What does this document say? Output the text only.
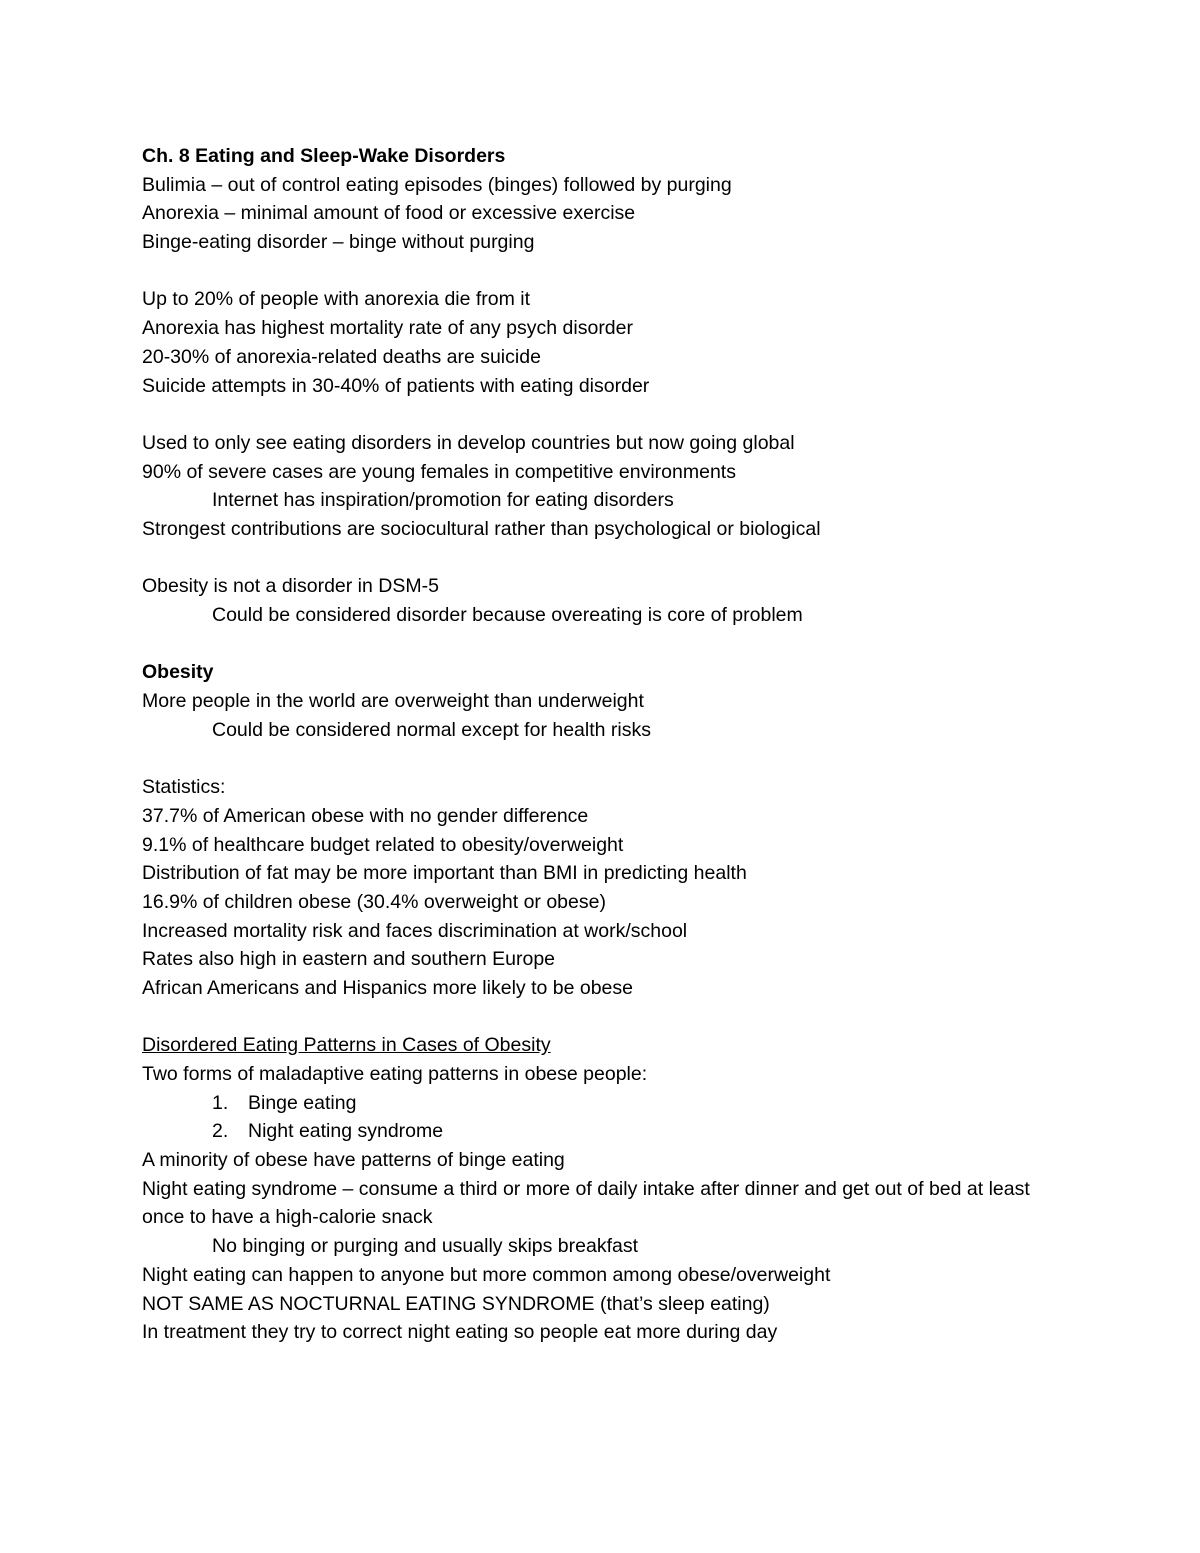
Ch. 8 Eating and Sleep-Wake Disorders
Bulimia – out of control eating episodes (binges) followed by purging
Anorexia – minimal amount of food or excessive exercise
Binge-eating disorder – binge without purging
Up to 20% of people with anorexia die from it
Anorexia has highest mortality rate of any psych disorder
20-30% of anorexia-related deaths are suicide
Suicide attempts in 30-40% of patients with eating disorder
Used to only see eating disorders in develop countries but now going global
90% of severe cases are young females in competitive environments
Internet has inspiration/promotion for eating disorders
Strongest contributions are sociocultural rather than psychological or biological
Obesity is not a disorder in DSM-5
Could be considered disorder because overeating is core of problem
Obesity
More people in the world are overweight than underweight
Could be considered normal except for health risks
Statistics:
37.7% of American obese with no gender difference
9.1% of healthcare budget related to obesity/overweight
Distribution of fat may be more important than BMI in predicting health
16.9% of children obese (30.4% overweight or obese)
Increased mortality risk and faces discrimination at work/school
Rates also high in eastern and southern Europe
African Americans and Hispanics more likely to be obese
Disordered Eating Patterns in Cases of Obesity
Two forms of maladaptive eating patterns in obese people:
1.	Binge eating
2.	Night eating syndrome
A minority of obese have patterns of binge eating
Night eating syndrome – consume a third or more of daily intake after dinner and get out of bed at least once to have a high-calorie snack
No binging or purging and usually skips breakfast
Night eating can happen to anyone but more common among obese/overweight
NOT SAME AS NOCTURNAL EATING SYNDROME (that’s sleep eating)
In treatment they try to correct night eating so people eat more during day
